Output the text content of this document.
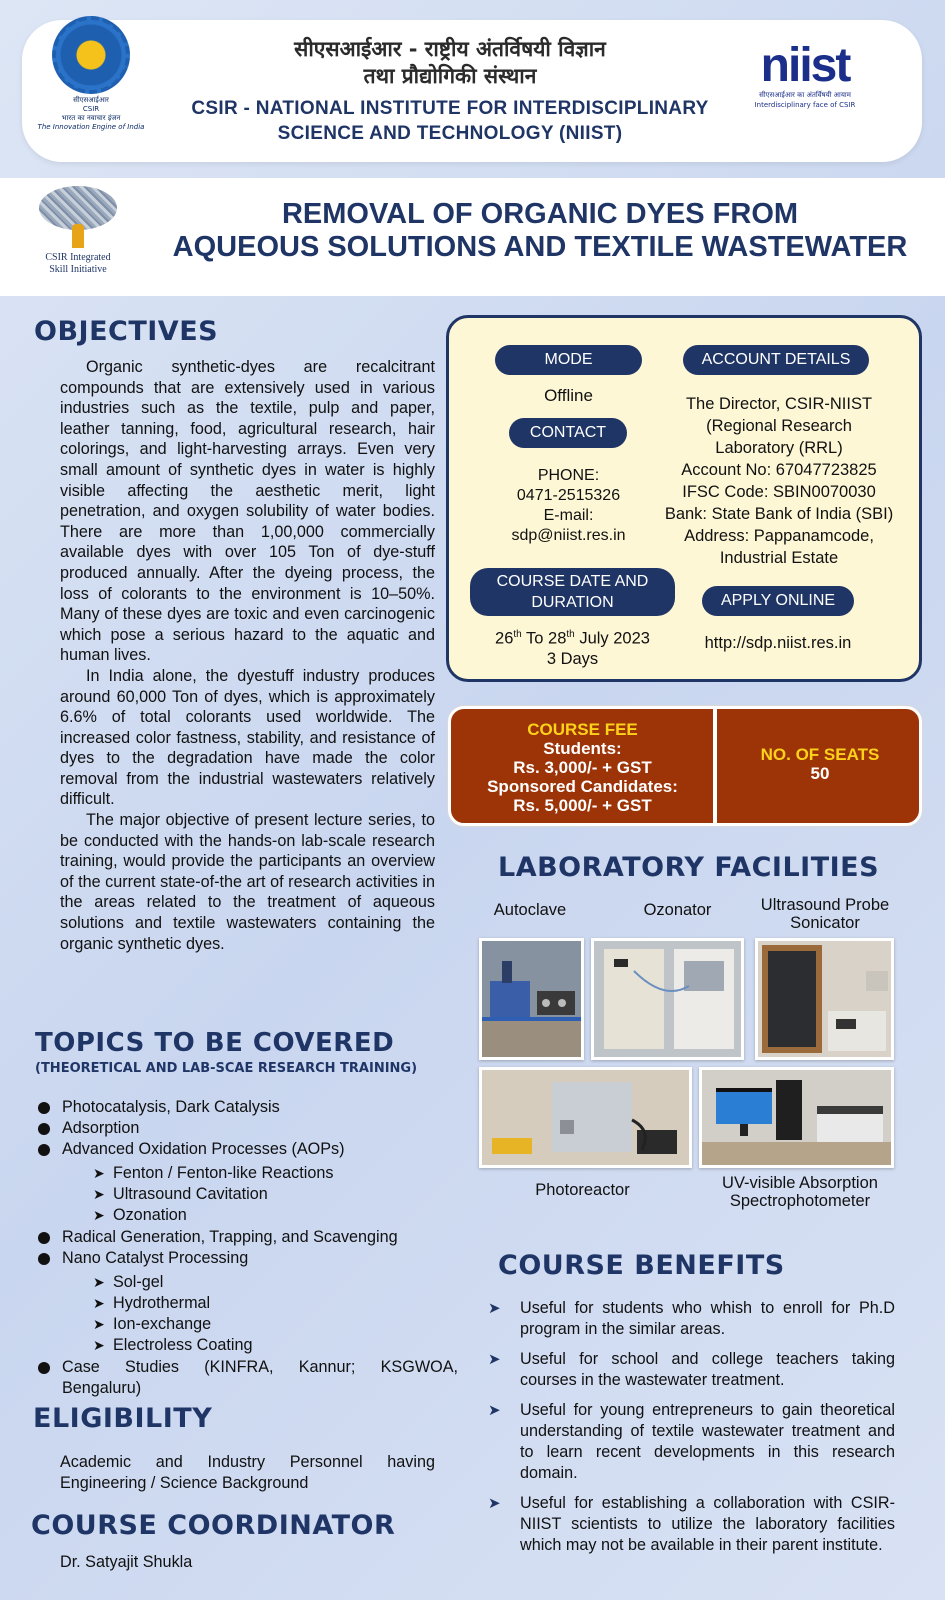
सीएसआईआर
CSIR
भारत का नवाचार इंजन
The Innovation Engine of India
सीएसआईआर - राष्ट्रीय अंतर्विषयी विज्ञान
तथा प्रौद्योगिकी संस्थान
CSIR - NATIONAL INSTITUTE FOR INTERDISCIPLINARY
SCIENCE AND TECHNOLOGY (NIIST)
niist
सीएसआईआर का अंतर्विषयी आयाम
Interdisciplinary face of CSIR
CSIR Integrated
Skill Initiative
REMOVAL OF ORGANIC DYES FROM
AQUEOUS SOLUTIONS AND TEXTILE WASTEWATER
OBJECTIVES

Organic synthetic-dyes are recalcitrant compounds that are extensively used in various industries such as the textile, pulp and paper, leather tanning, food, agricultural research, hair colorings, and light-harvesting arrays. Even very small amount of synthetic dyes in water is highly visible affecting the aesthetic merit, light penetration, and oxygen solubility of water bodies. There are more than 1,00,000 commercially available dyes with over 105 Ton of dye-stuff produced annually. After the dyeing process, the loss of colorants to the environment is 10–50%. Many of these dyes are toxic and even carcinogenic which pose a serious hazard to the aquatic and human lives.

In India alone, the dyestuff industry produces around 60,000 Ton of dyes, which is approximately 6.6% of total colorants used worldwide. The increased color fastness, stability, and resistance of dyes to the degradation have made the color removal from the industrial wastewaters relatively difficult.

The major objective of present lecture series, to be conducted with the hands-on lab-scale research training, would provide the participants an overview of the current state-of-the art of research activities in the areas related to the treatment of aqueous solutions and textile wastewaters containing the organic synthetic dyes.

MODE
Offline
CONTACT
PHONE:
0471-2515326
E-mail:
sdp@niist.res.in
COURSE DATE AND
DURATION
26th To 28th July 2023
3 Days
ACCOUNT DETAILS
The Director, CSIR-NIIST
(Regional Research
Laboratory (RRL)
Account No: 67047723825
IFSC Code: SBIN0070030
Bank: State Bank of India (SBI)
Address: Pappanamcode,
Industrial Estate
APPLY ONLINE
http://sdp.niist.res.in
COURSE FEE
Students:
Rs. 3,000/- + GST
Sponsored Candidates:
Rs. 5,000/- + GST
NO. OF SEATS
50
LABORATORY FACILITIES
Autoclave	Ozonator	Ultrasound Probe
Sonicator
Photoreactor	UV-visible Absorption
Spectrophotometer
TOPICS TO BE COVERED
(THEORETICAL AND LAB-SCAE RESEARCH TRAINING)
Photocatalysis, Dark Catalysis
Adsorption
Advanced Oxidation Processes (AOPs)
➤ Fenton / Fenton-like Reactions
➤ Ultrasound Cavitation
➤ Ozonation
Radical Generation, Trapping, and Scavenging
Nano Catalyst Processing
➤ Sol-gel
➤ Hydrothermal
➤ Ion-exchange
➤ Electroless Coating
Case Studies (KINFRA, Kannur; KSGWOA, Bengaluru)
ELIGIBILITY
Academic and Industry Personnel having Engineering / Science Background
COURSE COORDINATOR
Dr. Satyajit Shukla
COURSE BENEFITS
➤ Useful for students who whish to enroll for Ph.D program in the similar areas.
➤ Useful for school and college teachers taking courses in the wastewater treatment.
➤ Useful for young entrepreneurs to gain theoretical understanding of textile wastewater treatment and to learn recent developments in this research domain.
➤ Useful for establishing a collaboration with CSIR-NIIST scientists to utilize the laboratory facilities which may not be available in their parent institute.
